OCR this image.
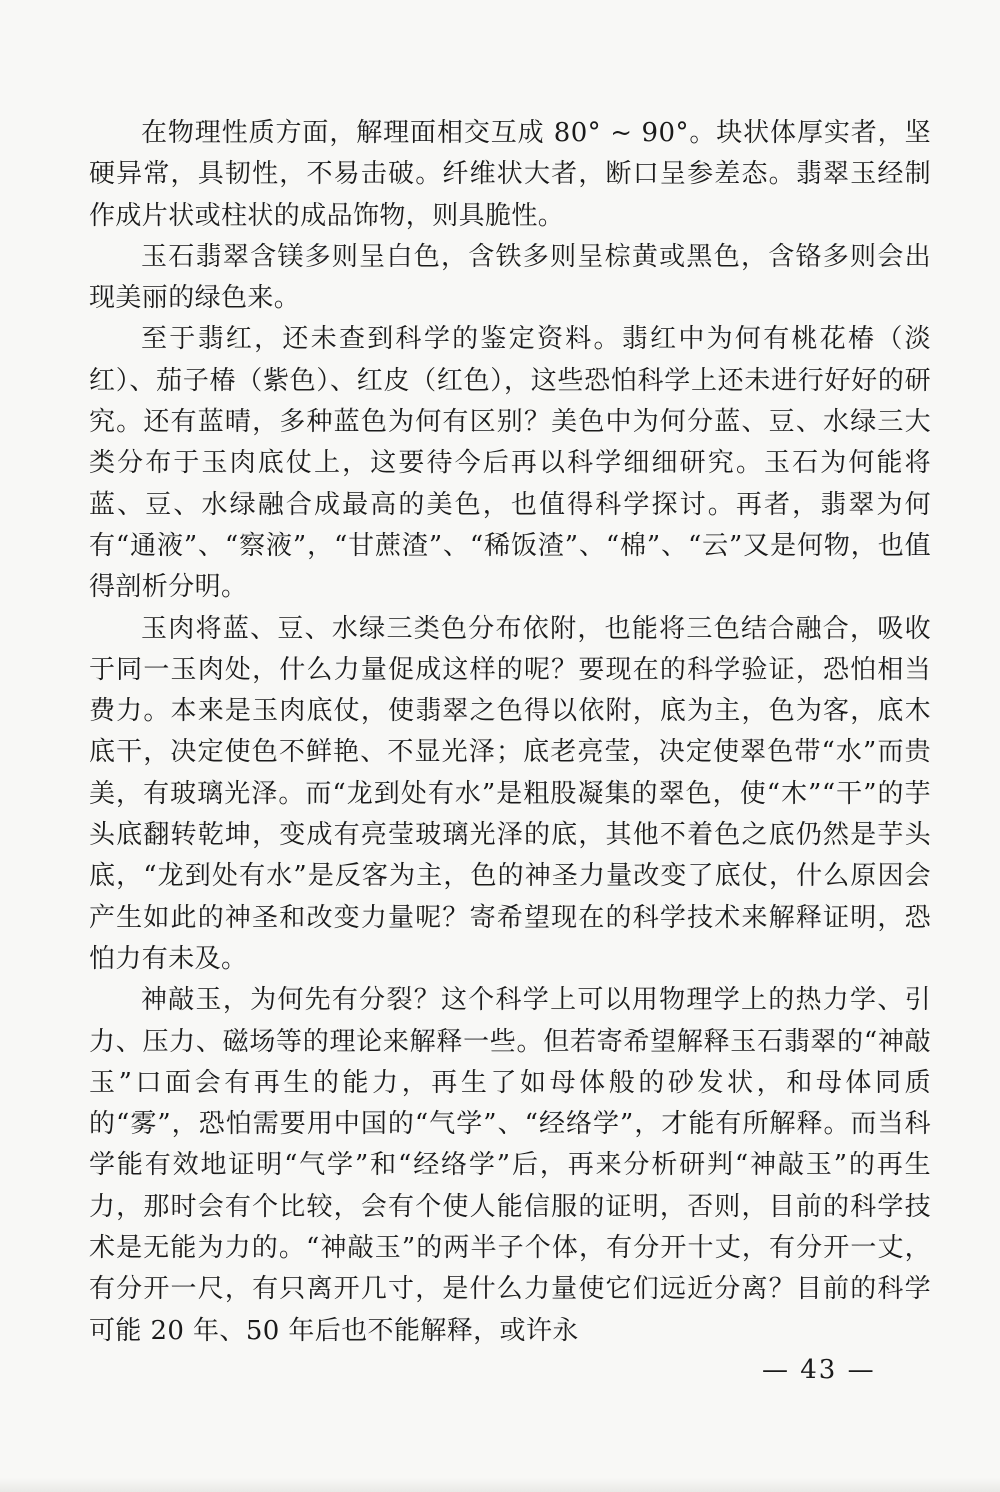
在物理性质方面，解理面相交互成 80° ~ 90°。块状体厚实者，坚硬异常，具韧性，不易击破。纤维状大者，断口呈参差态。翡翠玉经制作成片状或柱状的成品饰物，则具脆性。

玉石翡翠含镁多则呈白色，含铁多则呈棕黄或黑色，含铬多则会出现美丽的绿色来。

至于翡红，还未查到科学的鉴定资料。翡红中为何有桃花椿（淡红）、茄子椿（紫色）、红皮（红色），这些恐怕科学上还未进行好好的研究。还有蓝晴，多种蓝色为何有区别？美色中为何分蓝、豆、水绿三大类分布于玉肉底仗上，这要待今后再以科学细细研究。玉石为何能将蓝、豆、水绿融合成最高的美色，也值得科学探讨。再者，翡翠为何有“通液”、“察液”，“甘蔗渣”、“稀饭渣”、“棉”、“云”又是何物，也值得剖析分明。

玉肉将蓝、豆、水绿三类色分布依附，也能将三色结合融合，吸收于同一玉肉处，什么力量促成这样的呢？要现在的科学验证，恐怕相当费力。本来是玉肉底仗，使翡翠之色得以依附，底为主，色为客，底木底干，决定使色不鲜艳、不显光泽；底老亮莹，决定使翠色带“水”而贵美，有玻璃光泽。而“龙到处有水”是粗股凝集的翠色，使“木”“干”的芋头底翻转乾坤，变成有亮莹玻璃光泽的底，其他不着色之底仍然是芋头底，“龙到处有水”是反客为主，色的神圣力量改变了底仗，什么原因会产生如此的神圣和改变力量呢？寄希望现在的科学技术来解释证明，恐怕力有未及。

神敲玉，为何先有分裂？这个科学上可以用物理学上的热力学、引力、压力、磁场等的理论来解释一些。但若寄希望解释玉石翡翠的“神敲玉”口面会有再生的能力，再生了如母体般的砂发状，和母体同质的“雾”，恐怕需要用中国的“气学”、“经络学”，才能有所解释。而当科学能有效地证明“气学”和“经络学”后，再来分析研判“神敲玉”的再生力，那时会有个比较，会有个使人能信服的证明，否则，目前的科学技术是无能为力的。“神敲玉”的两半子个体，有分开十丈，有分开一丈，有分开一尺，有只离开几寸，是什么力量使它们远近分离？目前的科学可能 20 年、50 年后也不能解释，或许永

— 43 —
